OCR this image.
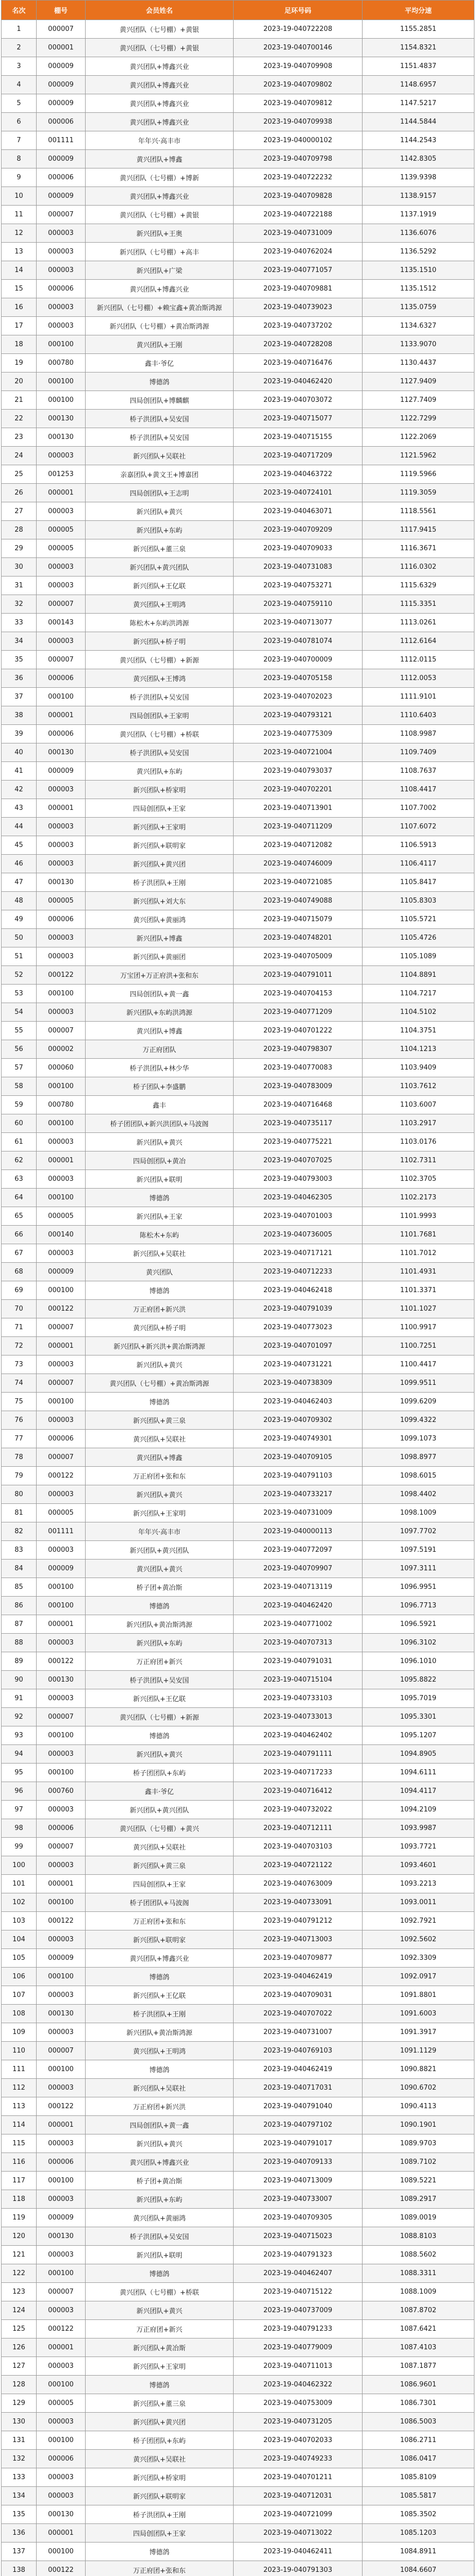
名次	棚号	会员姓名	足环号码	平均分速
1	000007	黄兴团队（七号棚）+黄银	2023-19-040722208	1155.2851
2	000001	黄兴团队（七号棚）+黄银	2023-19-040700146	1154.8321
3	000009	黄兴团队+博鑫兴业	2023-19-040709908	1151.4837
4	000009	黄兴团队+博鑫兴业	2023-19-040709802	1148.6957
5	000009	黄兴团队+博鑫兴业	2023-19-040709812	1147.5217
6	000006	黄兴团队+博鑫兴业	2023-19-040709938	1144.5844
7	001111	年年兴·高丰市	2023-19-040000102	1144.2543
8	000009	黄兴团队+博鑫	2023-19-040709798	1142.8305
9	000006	黄兴团队（七号棚）+博新	2023-19-040722232	1139.9398
10	000009	黄兴团队+博鑫兴业	2023-19-040709828	1138.9157
11	000007	黄兴团队（七号棚）+黄银	2023-19-040722188	1137.1919
12	000003	新兴团队+王奥	2023-19-040731009	1136.6076
13	000003	新兴团队（七号棚）+高丰	2023-19-040762024	1136.5292
14	000003	新兴团队+广梁	2023-19-040771057	1135.1510
15	000006	黄兴团队+博鑫兴业	2023-19-040709881	1135.1512
16	000003	新兴团队（七号棚）+赖宝鑫+黄冶斯鸿源	2023-19-040739023	1135.0759
17	000003	新兴团队（七号棚）+黄冶斯鸿源	2023-19-040737202	1134.6327
18	000100	黄兴团队+王刚	2023-19-040728208	1133.9070
19	000780	鑫丰·爷亿	2023-19-040716476	1130.4437
20	000100	博德鸽	2023-19-040462420	1127.9409
21	000100	四局创团队+博麟麒	2023-19-040703072	1127.7409
22	000130	桥子洪团队+吴安国	2023-19-040715077	1122.7299
23	000130	桥子洪团队+吴安国	2023-19-040715155	1122.2069
24	000003	新兴团队+吴联社	2023-19-040717209	1121.5962
25	001253	亲嘉团队+黄文王+博嘉团	2023-19-040463722	1119.5966
26	000001	四局创团队+王志明	2023-19-040724101	1119.3059
27	000003	新兴团队+黄兴	2023-19-040463071	1118.5561
28	000005	新兴团队+东屿	2023-19-040709209	1117.9415
29	000005	新兴团队+董三泉	2023-19-040709033	1116.3671
30	000003	新兴团队+黄兴团队	2023-19-040731083	1116.0302
31	000003	新兴团队+王亿联	2023-19-040753271	1115.6329
32	000007	黄兴团队+王明鸿	2023-19-040759110	1115.3351
33	000143	陈松木+东屿洪鸿源	2023-19-040713077	1113.0261
34	000003	新兴团队+桥子明	2023-19-040781074	1112.6164
35	000007	黄兴团队（七号棚）+新源	2023-19-040700009	1112.0115
36	000006	黄兴团队+王博鸿	2023-19-040705158	1112.0053
37	000100	桥子洪团队+吴安国	2023-19-040702023	1111.9101
38	000001	四局创团队+王家明	2023-19-040793121	1110.6403
39	000006	黄兴团队（七号棚）+桥联	2023-19-040775309	1108.9987
40	000130	桥子洪团队+吴安国	2023-19-040721004	1109.7409
41	000009	黄兴团队+东屿	2023-19-040793037	1108.7637
42	000003	新兴团队+桥家明	2023-19-040702201	1108.4417
43	000001	四局创团队+王家	2023-19-040713901	1107.7002
44	000003	新兴团队+王家明	2023-19-040711209	1107.6072
45	000003	新兴团队+联明家	2023-19-040712082	1106.5913
46	000003	新兴团队+黄兴团	2023-19-040746009	1106.4117
47	000130	桥子洪团队+王刚	2023-19-040721085	1105.8417
48	000005	新兴团队+刘大东	2023-19-040749088	1105.8303
49	000006	黄兴团队+黄丽鸿	2023-19-040715079	1105.5721
50	000003	新兴团队+博鑫	2023-19-040748201	1105.4726
51	000003	新兴团队+黄丽团	2023-19-040705009	1105.1089
52	000122	万宝团+万正府洪+张和东	2023-19-040791011	1104.8891
53	000100	四局创团队+黄一鑫	2023-19-040704153	1104.7217
54	000003	新兴团队+东屿洪鸿源	2023-19-040771209	1104.5102
55	000007	黄兴团队+博鑫	2023-19-040701222	1104.3751
56	000002	万正府团队	2023-19-040798307	1104.1213
57	000060	桥子洪团队+林少华	2023-19-040770083	1103.9409
58	000100	桥子团队+李盛鹏	2023-19-040783009	1103.7612
59	000780	鑫丰	2023-19-040716468	1103.6007
60	000100	桥子团团队+新兴洪团队+马波阁	2023-19-040735117	1103.2917
61	000003	新兴团队+黄兴	2023-19-040775221	1103.0176
62	000001	四局创团队+黄冶	2023-19-040707025	1102.7311
63	000003	新兴团队+联明	2023-19-040793003	1102.3705
64	000100	博德鸽	2023-19-040462305	1102.2173
65	000005	新兴团队+王家	2023-19-040701003	1101.9993
66	000140	陈松木+东屿	2023-19-040736005	1101.7681
67	000003	新兴团队+吴联社	2023-19-040717121	1101.7012
68	000009	黄兴团队	2023-19-040712233	1101.4931
69	000100	博德鸽	2023-19-040462418	1101.3371
70	000122	万正府团+新兴洪	2023-19-040791039	1101.1027
71	000007	黄兴团队+桥子明	2023-19-040773023	1100.9917
72	000001	新兴团队+新兴洪+黄冶斯鸿源	2023-19-040701097	1100.7251
73	000003	新兴团队+黄兴	2023-19-040731221	1100.4417
74	000007	黄兴团队（七号棚）+黄冶斯鸿源	2023-19-040738309	1099.9511
75	000100	博德鸽	2023-19-040462403	1099.6209
76	000003	新兴团队+黄三泉	2023-19-040709302	1099.4322
77	000006	黄兴团队+吴联社	2023-19-040749301	1099.1073
78	000007	黄兴团队+博鑫	2023-19-040709105	1098.8977
79	000122	万正府团+张和东	2023-19-040791103	1098.6015
80	000003	新兴团队+黄兴	2023-19-040733217	1098.4402
81	000005	新兴团队+王家明	2023-19-040731009	1098.1009
82	001111	年年兴·高丰市	2023-19-040000113	1097.7702
83	000003	新兴团队+黄兴团队	2023-19-040772097	1097.5191
84	000009	黄兴团队+黄兴	2023-19-040709907	1097.3111
85	000100	桥子团+黄冶斯	2023-19-040713119	1096.9951
86	000100	博德鸽	2023-19-040462420	1096.7713
87	000001	新兴团队+黄冶斯鸿源	2023-19-040771002	1096.5921
88	000003	新兴团队+东屿	2023-19-040707313	1096.3102
89	000122	万正府团+新兴	2023-19-040791031	1096.1010
90	000130	桥子洪团队+吴安国	2023-19-040715104	1095.8822
91	000003	新兴团队+王亿联	2023-19-040733103	1095.7019
92	000007	黄兴团队（七号棚）+新源	2023-19-040733013	1095.3301
93	000100	博德鸽	2023-19-040462402	1095.1207
94	000003	新兴团队+黄兴	2023-19-040791111	1094.8905
95	000100	桥子团团队+东屿	2023-19-040717233	1094.6111
96	000760	鑫丰·爷亿	2023-19-040716412	1094.4117
97	000003	新兴团队+黄兴团队	2023-19-040732022	1094.2109
98	000006	黄兴团队（七号棚）+黄兴	2023-19-040712111	1093.9987
99	000007	黄兴团队+吴联社	2023-19-040703103	1093.7721
100	000003	新兴团队+黄三泉	2023-19-040721122	1093.4601
101	000001	四局创团队+王家	2023-19-040763009	1093.2213
102	000100	桥子团团队+马波阁	2023-19-040733091	1093.0011
103	000122	万正府团+张和东	2023-19-040791212	1092.7921
104	000003	新兴团队+联明家	2023-19-040713003	1092.5602
105	000009	黄兴团队+博鑫兴业	2023-19-040709877	1092.3309
106	000100	博德鸽	2023-19-040462419	1092.0917
107	000003	新兴团队+王亿联	2023-19-040709031	1091.8801
108	000130	桥子洪团队+王刚	2023-19-040707022	1091.6003
109	000003	新兴团队+黄冶斯鸿源	2023-19-040731007	1091.3917
110	000007	黄兴团队+王明鸿	2023-19-040769103	1091.1129
111	000100	博德鸽	2023-19-040462419	1090.8821
112	000003	新兴团队+吴联社	2023-19-040717031	1090.6702
113	000122	万正府团+新兴洪	2023-19-040791040	1090.4113
114	000001	四局创团队+黄一鑫	2023-19-040797102	1090.1901
115	000003	新兴团队+黄兴	2023-19-040791017	1089.9703
116	000006	黄兴团队+博鑫兴业	2023-19-040709133	1089.7102
117	000100	桥子团+黄冶斯	2023-19-040713009	1089.5221
118	000003	新兴团队+东屿	2023-19-040733007	1089.2917
119	000009	黄兴团队+黄丽鸿	2023-19-040709305	1089.0019
120	000130	桥子洪团队+吴安国	2023-19-040715023	1088.8103
121	000003	新兴团队+联明	2023-19-040791323	1088.5602
122	000100	博德鸽	2023-19-040462407	1088.3311
123	000007	黄兴团队（七号棚）+桥联	2023-19-040715122	1088.1009
124	000003	新兴团队+黄兴	2023-19-040737009	1087.8702
125	000122	万正府团+新兴	2023-19-040791233	1087.6421
126	000001	新兴团队+黄冶斯	2023-19-040779009	1087.4103
127	000003	新兴团队+王家明	2023-19-040711013	1087.1877
128	000100	博德鸽	2023-19-040462322	1086.9601
129	000005	新兴团队+董三泉	2023-19-040753009	1086.7301
130	000003	新兴团队+黄兴团	2023-19-040731205	1086.5003
131	000100	桥子团团队+东屿	2023-19-040702033	1086.2711
132	000006	黄兴团队+吴联社	2023-19-040749233	1086.0417
133	000003	新兴团队+桥家明	2023-19-040701211	1085.8109
134	000003	新兴团队+联明家	2023-19-040712031	1085.5817
135	000130	桥子洪团队+王刚	2023-19-040721099	1085.3502
136	000001	四局创团队+王家	2023-19-040713022	1085.1203
137	000100	博德鸽	2023-19-040462411	1084.8911
138	000122	万正府团+张和东	2023-19-040791303	1084.6607
